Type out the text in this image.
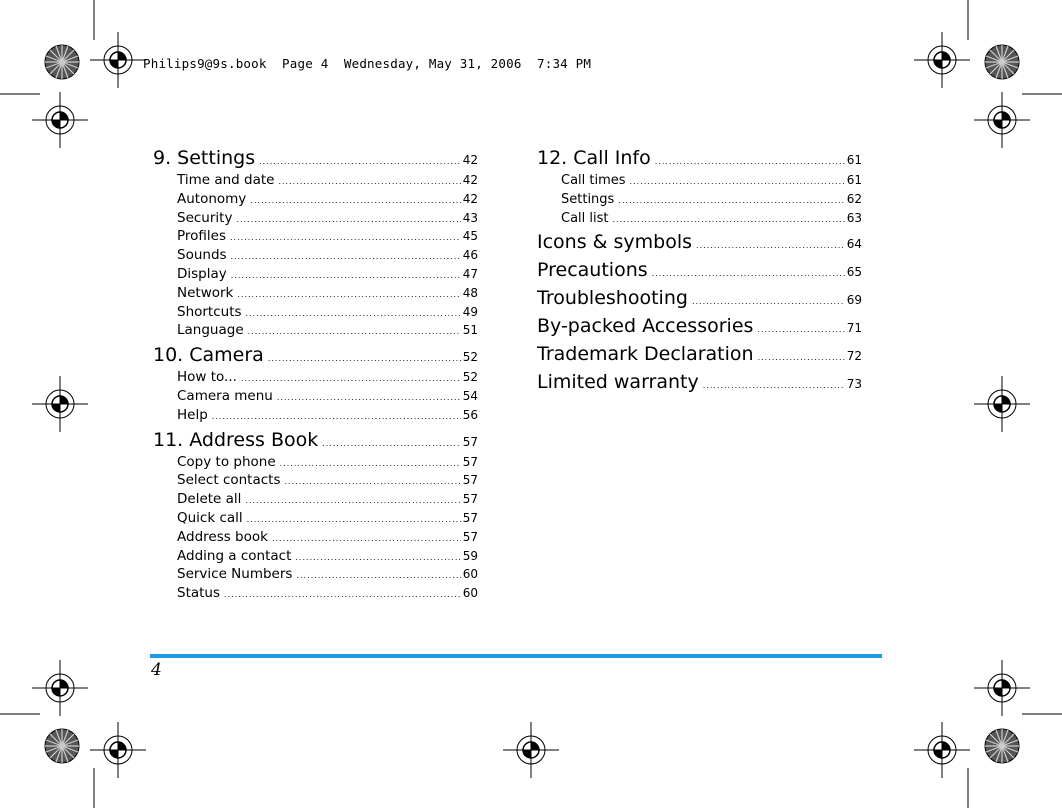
Philips9@9s.book  Page 4  Wednesday, May 31, 2006  7:34 PM
9. Settings .....	42
Time and date .....	42
Autonomy .....	42
Security .....	43
Profiles .....	45
Sounds .....	46
Display .....	47
Network .....	48
Shortcuts .....	49
Language .....	51
10. Camera .....	52
How to... .....	52
Camera menu .....	54
Help .....	56
11. Address Book .....	57
Copy to phone .....	57
Select contacts .....	57
Delete all .....	57
Quick call .....	57
Address book .....	57
Adding a contact .....	59
Service Numbers .....	60
Status .....	60
12. Call Info .....	61
Call times .....	61
Settings .....	62
Call list .....	63
Icons & symbols .....	64
Precautions .....	65
Troubleshooting .....	69
By-packed Accessories .....	71
Trademark Declaration .....	72
Limited warranty .....	73
4
